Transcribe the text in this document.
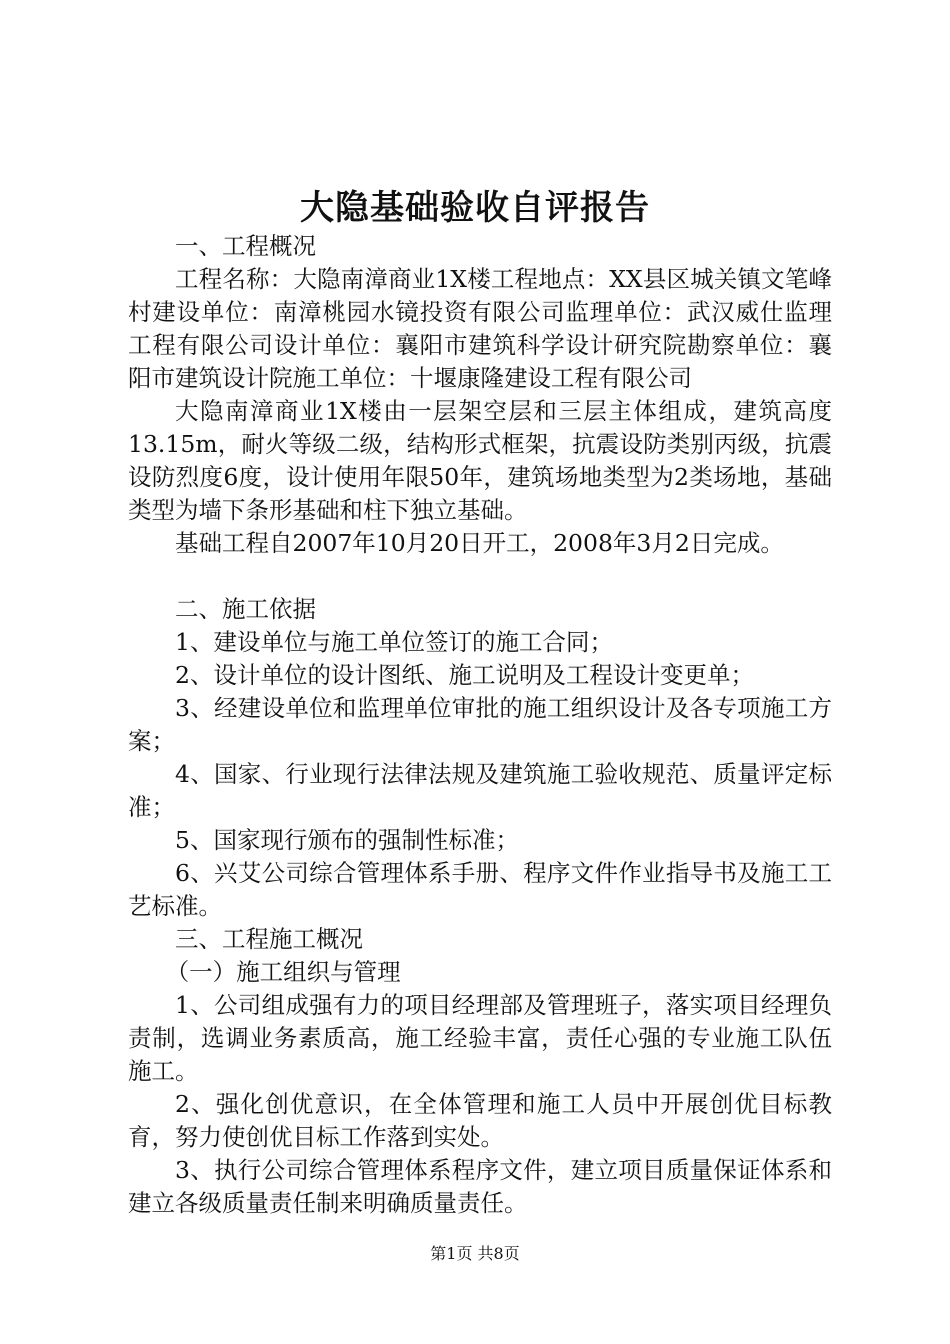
大隐基础验收自评报告

一、工程概况

工程名称：大隐南漳商业1X楼工程地点：XX县区城关镇文笔峰村建设单位：南漳桃园水镜投资有限公司监理单位：武汉威仕监理工程有限公司设计单位：襄阳市建筑科学设计研究院勘察单位：襄阳市建筑设计院施工单位：十堰康隆建设工程有限公司

大隐南漳商业1X楼由一层架空层和三层主体组成，建筑高度13.15m，耐火等级二级，结构形式框架，抗震设防类别丙级，抗震设防烈度6度，设计使用年限50年，建筑场地类型为2类场地，基础类型为墙下条形基础和柱下独立基础。

基础工程自2007年10月20日开工，2008年3月2日完成。

二、施工依据

1、建设单位与施工单位签订的施工合同；

2、设计单位的设计图纸、施工说明及工程设计变更单；

3、经建设单位和监理单位审批的施工组织设计及各专项施工方案；

4、国家、行业现行法律法规及建筑施工验收规范、质量评定标准；

5、国家现行颁布的强制性标准；

6、兴艾公司综合管理体系手册、程序文件作业指导书及施工工艺标准。

三、工程施工概况

（一）施工组织与管理

1、公司组成强有力的项目经理部及管理班子，落实项目经理负责制，选调业务素质高，施工经验丰富，责任心强的专业施工队伍施工。

2、强化创优意识，在全体管理和施工人员中开展创优目标教育，努力使创优目标工作落到实处。

3、执行公司综合管理体系程序文件，建立项目质量保证体系和建立各级质量责任制来明确质量责任。

第1页 共8页
